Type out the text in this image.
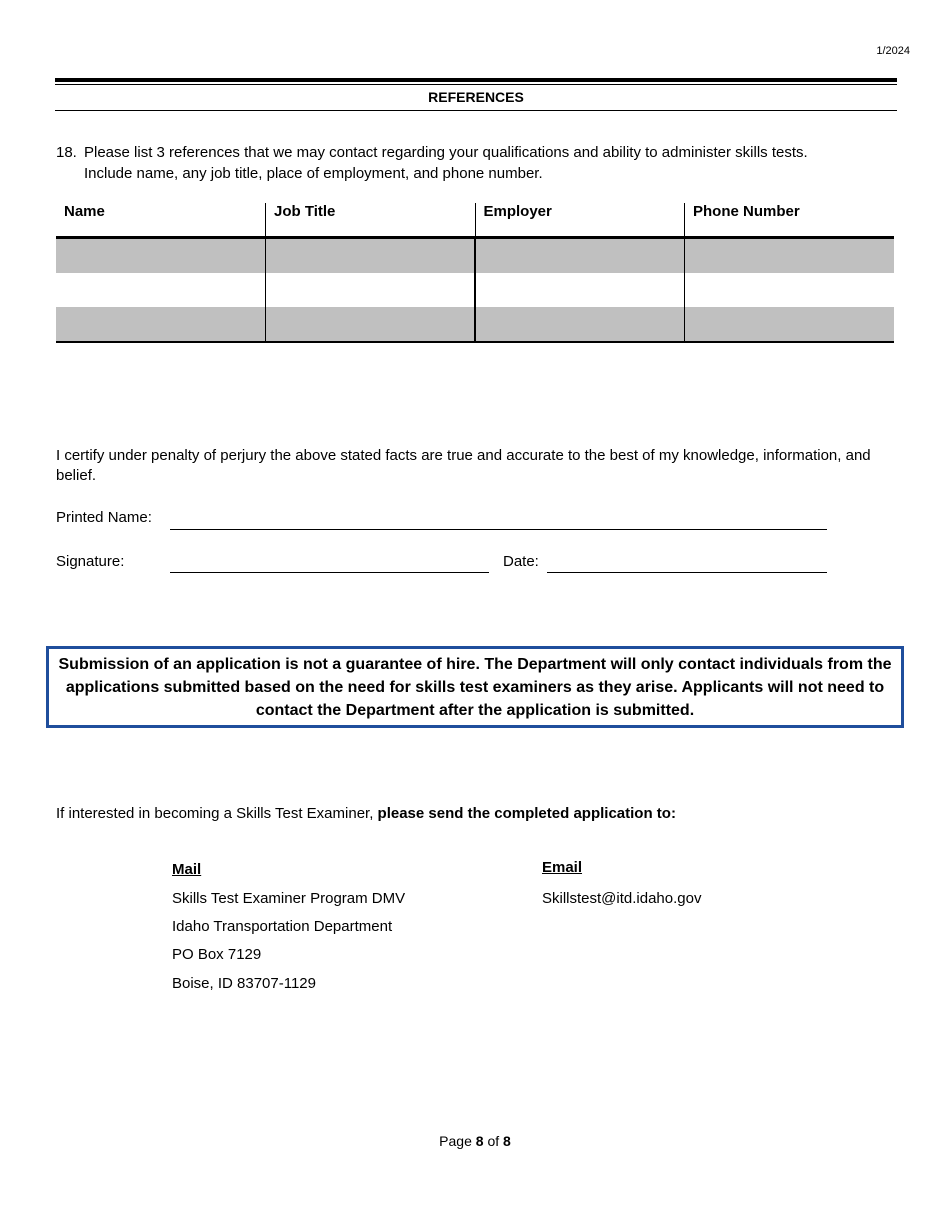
1/2024
REFERENCES
18. Please list 3 references that we may contact regarding your qualifications and ability to administer skills tests.
Include name, any job title, place of employment, and phone number.
Name	Job Title	Employer	Phone Number

I certify under penalty of perjury the above stated facts are true and accurate to the best of my knowledge, information, and belief.
Printed Name:
Signature:	Date:
Submission of an application is not a guarantee of hire. The Department will only contact individuals from the applications submitted based on the need for skills test examiners as they arise. Applicants will not need to contact the Department after the application is submitted.
If interested in becoming a Skills Test Examiner, please send the completed application to:
Mail
Skills Test Examiner Program DMV
Idaho Transportation Department
PO Box 7129
Boise, ID 83707-1129
Email
Skillstest@itd.idaho.gov
Page 8 of 8
